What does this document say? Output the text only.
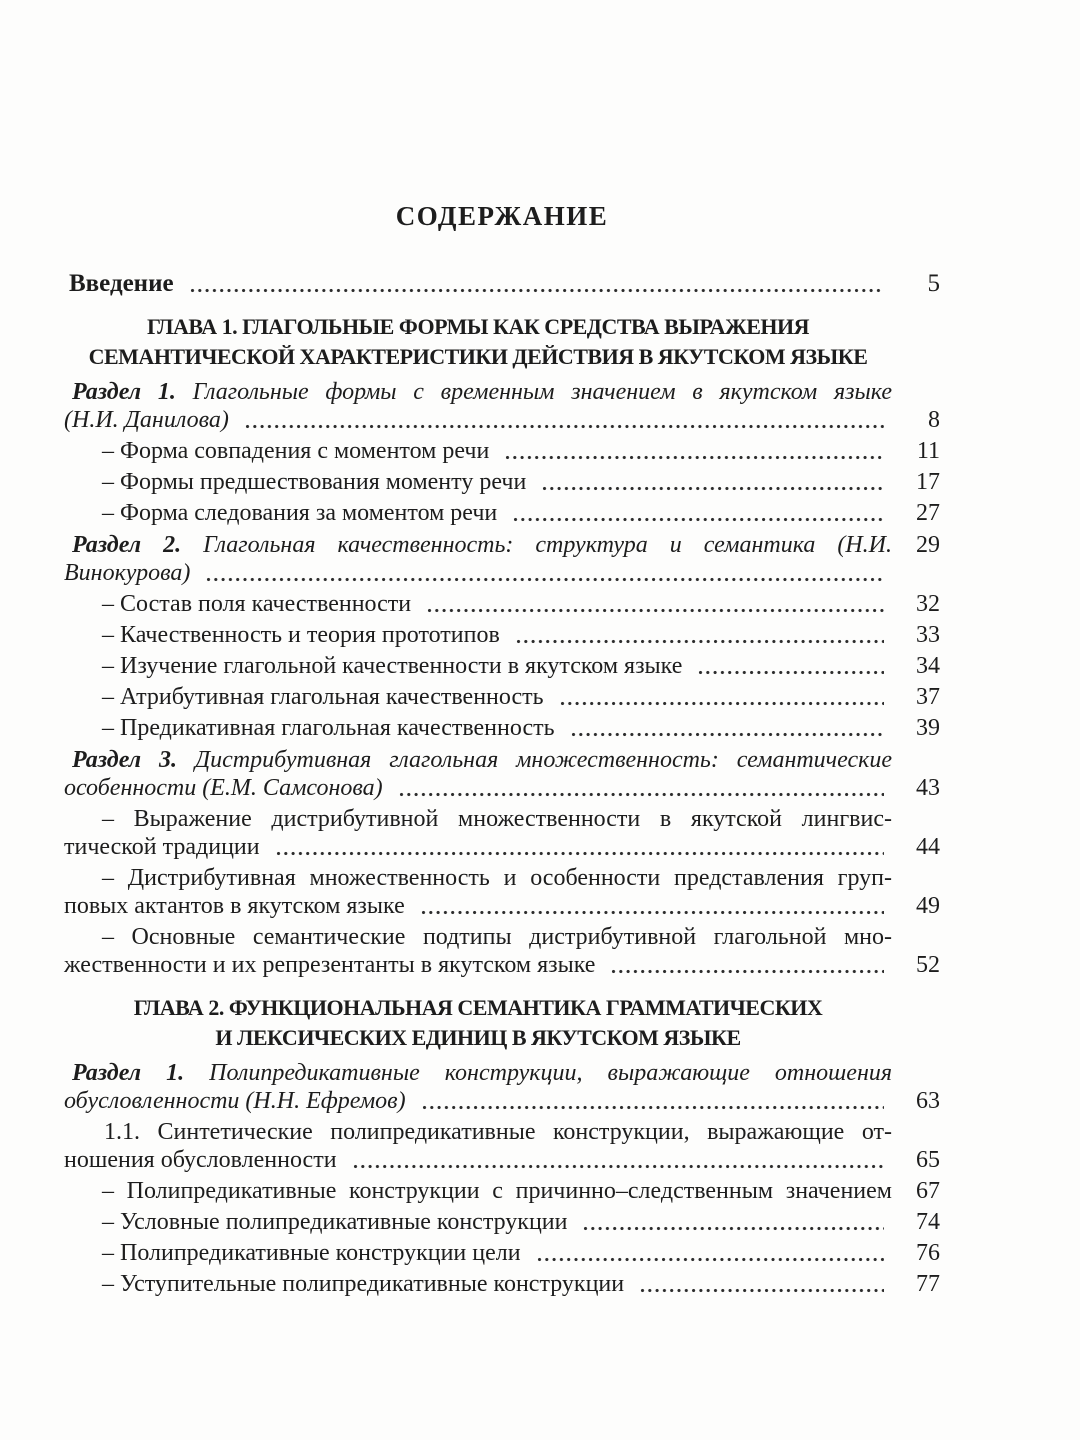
СОДЕРЖАНИЕ
Введение	5
ГЛАВА 1. ГЛАГОЛЬНЫЕ ФОРМЫ КАК СРЕДСТВА ВЫРАЖЕНИЯ
СЕМАНТИЧЕСКОЙ ХАРАКТЕРИСТИКИ ДЕЙСТВИЯ В ЯКУТСКОМ ЯЗЫКЕ
Раздел 1. Глагольные формы с временным значением в якутском языке
(Н.И. Данилова)	8
– Форма совпадения с моментом речи	11
– Формы предшествования моменту речи	17
– Форма следования за моментом речи	27
Раздел 2. Глагольная качественность: структура и семантика (Н.И.	29
Винокурова)
– Состав поля качественности	32
– Качественность и теория прототипов	33
– Изучение глагольной качественности в якутском языке	34
– Атрибутивная глагольная качественность	37
– Предикативная глагольная качественность	39
Раздел 3. Дистрибутивная глагольная множественность: семантические
особенности (Е.М. Самсонова)	43
– Выражение дистрибутивной множественности в якутской лингвис-
тической традиции	44
– Дистрибутивная множественность и особенности представления груп-
повых актантов в якутском языке	49
– Основные семантические подтипы дистрибутивной глагольной мно-
жественности и их репрезентанты в якутском языке	52
ГЛАВА 2. ФУНКЦИОНАЛЬНАЯ СЕМАНТИКА ГРАММАТИЧЕСКИХ
И ЛЕКСИЧЕСКИХ ЕДИНИЦ В ЯКУТСКОМ ЯЗЫКЕ
Раздел 1. Полипредикативные конструкции, выражающие отношения
обусловленности (Н.Н. Ефремов)	63
1.1. Синтетические полипредикативные конструкции, выражающие от-
ношения обусловленности	65
– Полипредикативные конструкции с причинно–следственным значением	67
– Условные полипредикативные конструкции	74
– Полипредикативные конструкции цели	76
– Уступительные полипредикативные конструкции	77
